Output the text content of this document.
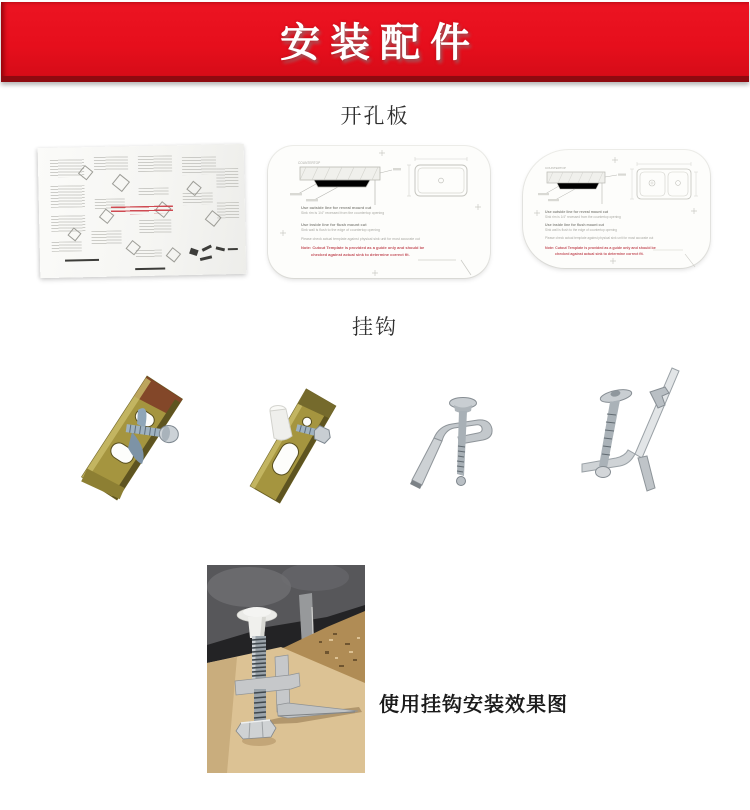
安装配件
开孔板
COUNTERTOP
Use outside line for reveal mount cut
Sink rim is 1/4" recessed from the countertop opening
Use inside line for flush mount cut
Sink wall is flush to the edge of countertop opening
Please check actual template against physical sink unit for most accurate cut
Note: Cutout Template is provided as a guide only and should be
checked against actual sink to determine correct fit.
COUNTERTOP
Use outside line for reveal mount cut
Sink rim is 1/4" recessed from the countertop opening
Use inside line for flush mount cut
Sink wall is flush to the edge of countertop opening
Please check actual template against physical sink unit for most accurate cut
Note: Cutout Template is provided as a guide only and should be
checked against actual sink to determine correct fit.
挂钩
使用挂钩安装效果图
